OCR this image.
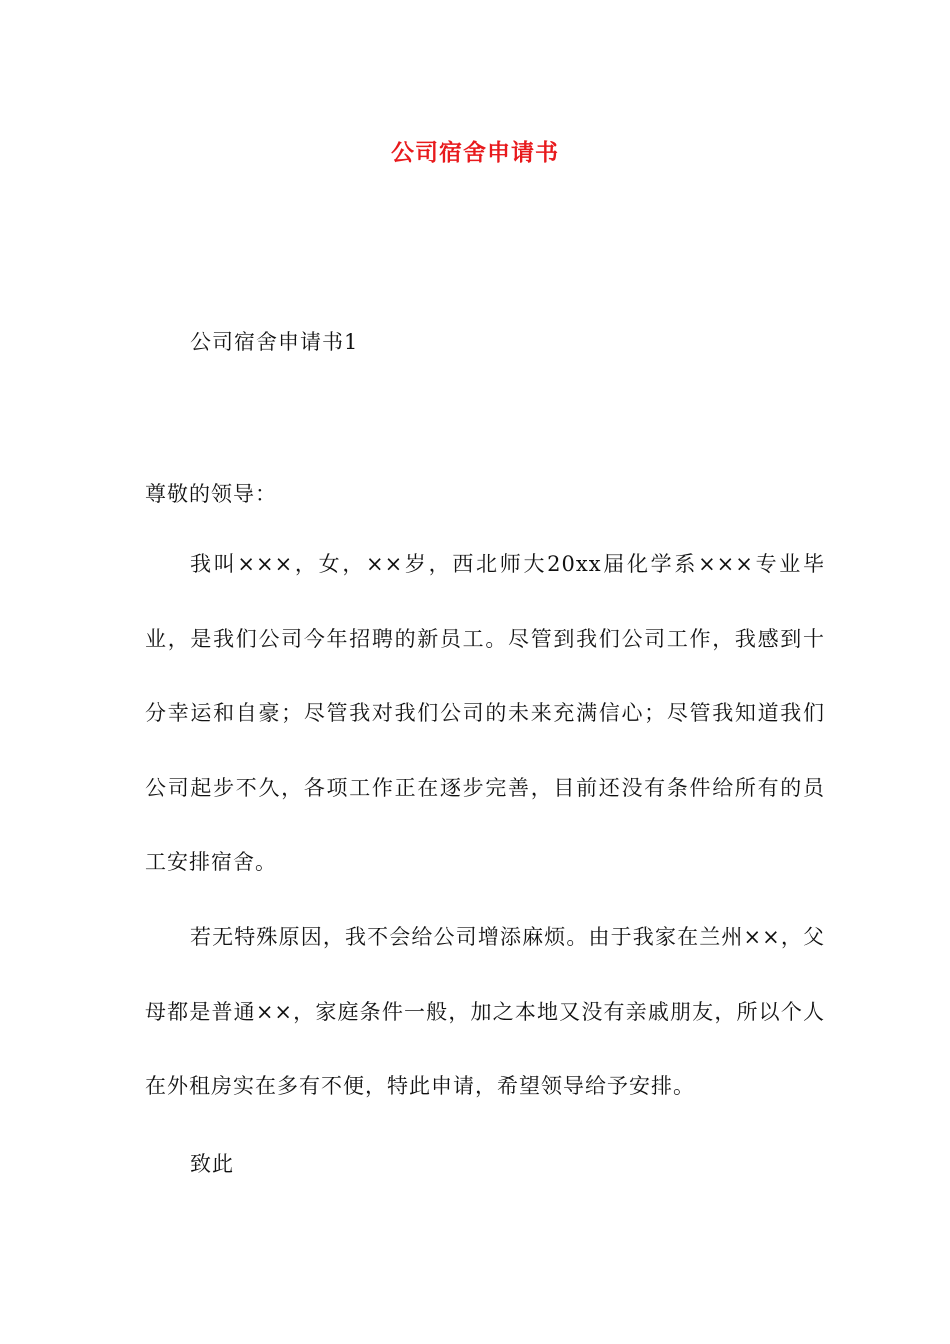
公司宿舍申请书
公司宿舍申请书1
尊敬的领导：

我叫×××，女，××岁，西北师大20xx届化学系×××专业毕业，是我们公司今年招聘的新员工。尽管到我们公司工作，我感到十分幸运和自豪；尽管我对我们公司的未来充满信心；尽管我知道我们公司起步不久，各项工作正在逐步完善，目前还没有条件给所有的员工安排宿舍。

若无特殊原因，我不会给公司增添麻烦。由于我家在兰州××，父母都是普通××，家庭条件一般，加之本地又没有亲戚朋友，所以个人在外租房实在多有不便，特此申请，希望领导给予安排。

致此
